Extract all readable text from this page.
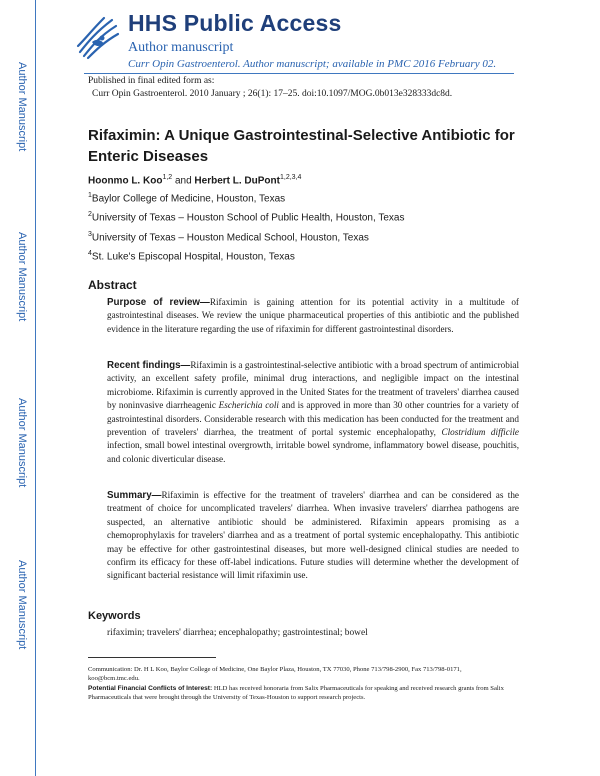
Author Manuscript
Author Manuscript
Author Manuscript
Author Manuscript
HHS Public Access
Author manuscript
Curr Opin Gastroenterol. Author manuscript; available in PMC 2016 February 02.
Published in final edited form as:
Curr Opin Gastroenterol. 2010 January ; 26(1): 17–25. doi:10.1097/MOG.0b013e328333dc8d.
Rifaximin: A Unique Gastrointestinal-Selective Antibiotic for Enteric Diseases
Hoonmo L. Koo$^{1,2}$ and Herbert L. DuPont$^{1,2,3,4}$
$^1$Baylor College of Medicine, Houston, Texas
$^2$University of Texas – Houston School of Public Health, Houston, Texas
$^3$University of Texas – Houston Medical School, Houston, Texas
$^4$St. Luke's Episcopal Hospital, Houston, Texas
Abstract
Purpose of review—Rifaximin is gaining attention for its potential activity in a multitude of gastrointestinal diseases. We review the unique pharmaceutical properties of this antibiotic and the published evidence in the literature regarding the use of rifaximin for different gastrointestinal disorders.
Recent findings—Rifaximin is a gastrointestinal-selective antibiotic with a broad spectrum of antimicrobial activity, an excellent safety profile, minimal drug interactions, and negligible impact on the intestinal microbiome. Rifaximin is currently approved in the United States for the treatment of travelers' diarrhea caused by noninvasive diarrheagenic Escherichia coli and is approved in more than 30 other countries for a variety of gastrointestinal disorders. Considerable research with this medication has been conducted for the treatment and prevention of travelers' diarrhea, the treatment of portal systemic encephalopathy, Clostridium difficile infection, small bowel intestinal overgrowth, irritable bowel syndrome, inflammatory bowel disease, pouchitis, and colonic diverticular disease.
Summary—Rifaximin is effective for the treatment of travelers' diarrhea and can be considered as the treatment of choice for uncomplicated travelers' diarrhea. When invasive travelers' diarrhea pathogens are suspected, an alternative antibiotic should be administered. Rifaximin appears promising as a chemoprophylaxis for travelers' diarrhea and as a treatment of portal systemic encephalopathy. This antibiotic may be effective for other gastrointestinal diseases, but more well-designed clinical studies are needed to confirm its efficacy for these off-label indications. Future studies will determine whether the development of significant bacterial resistance will limit rifaximin use.
Keywords
rifaximin; travelers' diarrhea; encephalopathy; gastrointestinal; bowel
Communication: Dr. H L Koo, Baylor College of Medicine, One Baylor Plaza, Houston, TX 77030, Phone 713/798-2900, Fax 713/798-0171, koo@bcm.tmc.edu.
Potential Financial Conflicts of Interest: HLD has received honoraria from Salix Pharmaceuticals for speaking and received research grants from Salix Pharmaceuticals that were brought through the University of Texas-Houston to support research projects.
